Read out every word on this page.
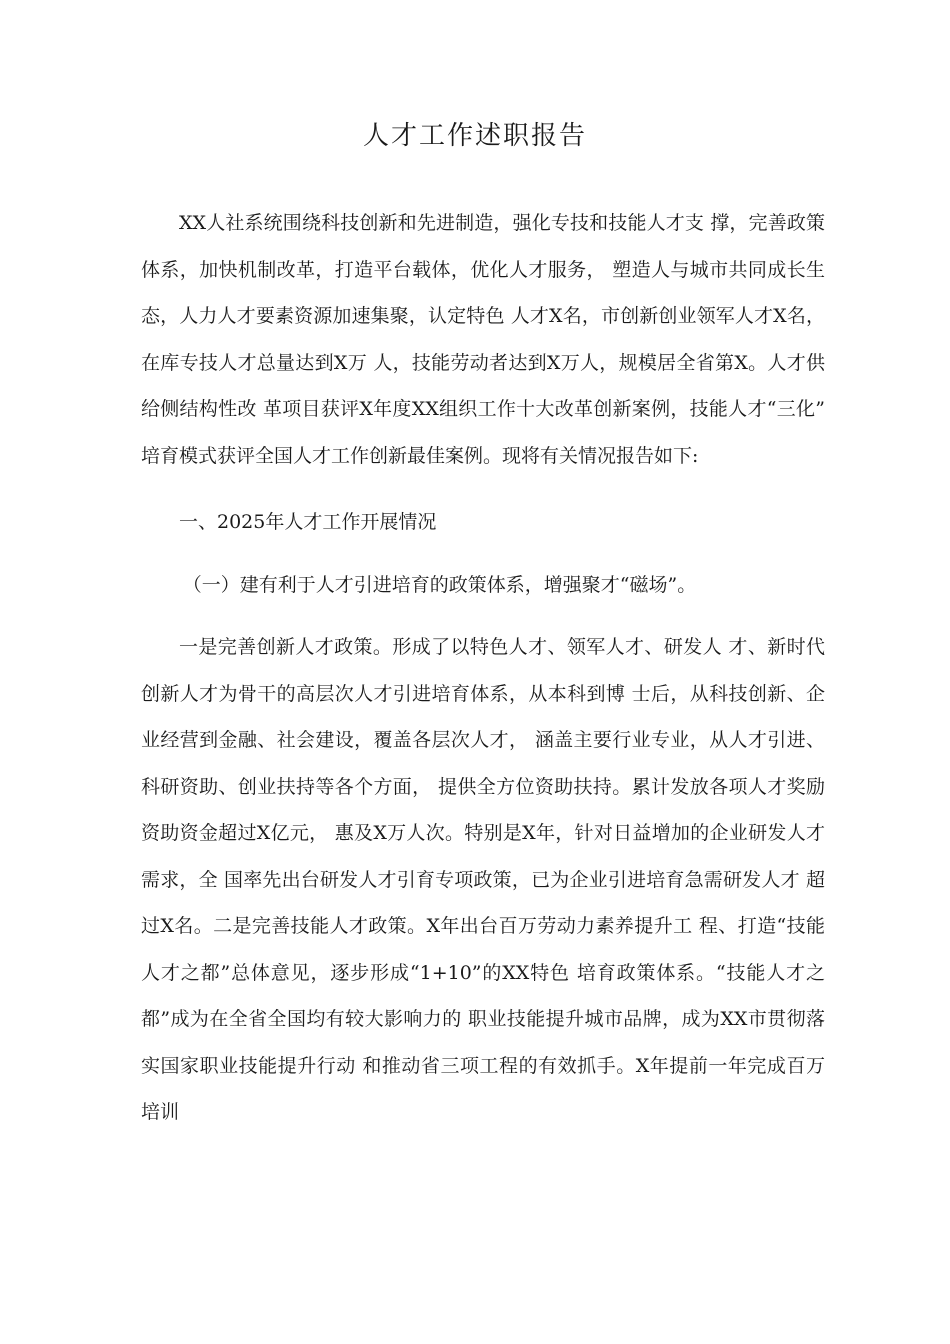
人才工作述职报告

XX人社系统围绕科技创新和先进制造，强化专技和技能人才支 撑，完善政策体系，加快机制改革，打造平台载体，优化人才服务， 塑造人与城市共同成长生态，人力人才要素资源加速集聚，认定特色 人才X名，市创新创业领军人才X名，在库专技人才总量达到X万 人，技能劳动者达到X万人，规模居全省第X。人才供给侧结构性改 革项目获评X年度XX组织工作十大改革创新案例，技能人才“三化” 培育模式获评全国人才工作创新最佳案例。现将有关情况报告如下:

一、2025年人才工作开展情况

（一）建有利于人才引进培育的政策体系，增强聚才“磁场”。

一是完善创新人才政策。形成了以特色人才、领军人才、研发人 才、新时代创新人才为骨干的高层次人才引进培育体系，从本科到博 士后，从科技创新、企业经营到金融、社会建设，覆盖各层次人才， 涵盖主要行业专业，从人才引进、科研资助、创业扶持等各个方面， 提供全方位资助扶持。累计发放各项人才奖励资助资金超过X亿元， 惠及X万人次。特别是X年，针对日益增加的企业研发人才需求，全 国率先出台研发人才引育专项政策，已为企业引进培育急需研发人才 超过X名。二是完善技能人才政策。X年出台百万劳动力素养提升工 程、打造“技能人才之都”总体意见，逐步形成“1+10”的XX特色 培育政策体系。“技能人才之都”成为在全省全国均有较大影响力的 职业技能提升城市品牌，成为XX市贯彻落实国家职业技能提升行动 和推动省三项工程的有效抓手。X年提前一年完成百万培训
